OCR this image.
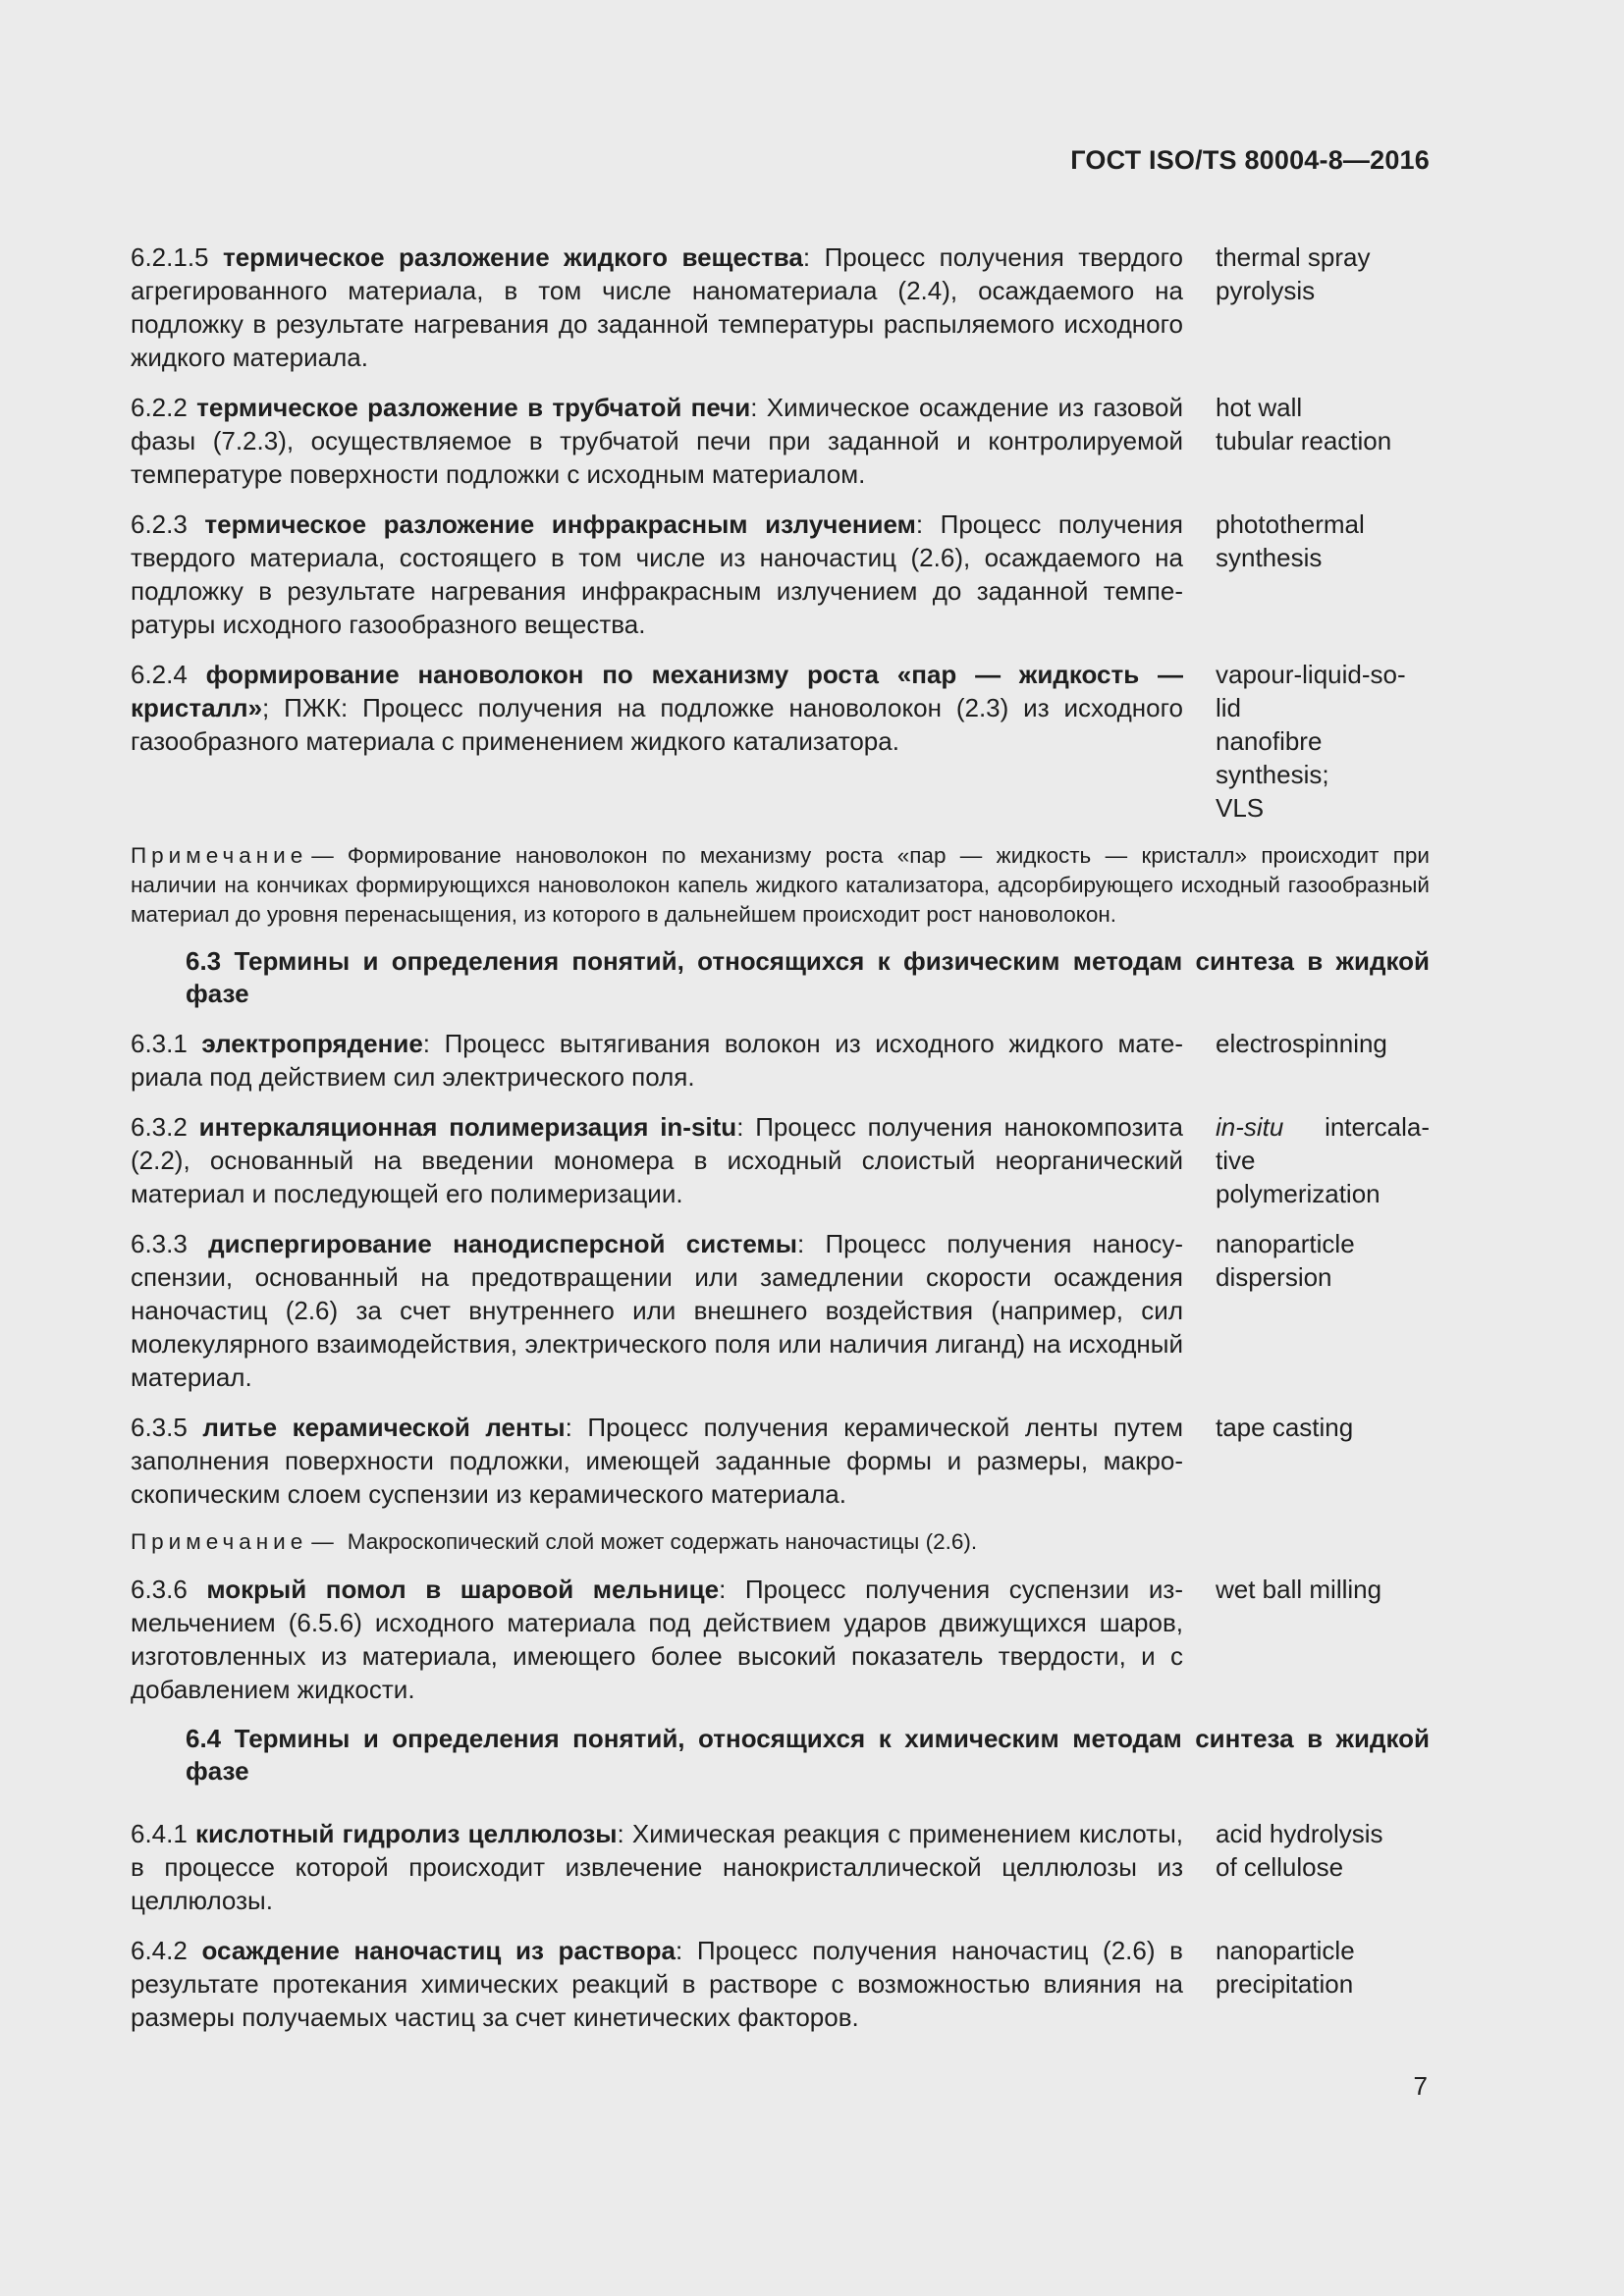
ГОСТ ISO/TS 80004-8—2016
6.2.1.5 термическое разложение жидкого вещества: Процесс получения твердого агрегированного материала, в том числе наноматериала (2.4), осаждаемого на подложку в результате нагревания до заданной температуры распыляемого исходного жидкого материала.
thermal spray
pyrolysis
6.2.2 термическое разложение в трубчатой печи: Химическое осаждение из газовой фазы (7.2.3), осуществляемое в трубчатой печи при заданной и контролируемой температуре поверхности подложки с исходным материалом.
hot wall
tubular reaction
6.2.3 термическое разложение инфракрасным излучением: Процесс получения твердого материала, состоящего в том числе из наночастиц (2.6), осаждаемого на подложку в результате нагревания инфракрасным излучением до заданной температуры исходного газообразного вещества.
photothermal
synthesis
6.2.4 формирование нановолокон по механизму роста «пар — жидкость — кристалл»; ПЖК: Процесс получения на подложке нановолокон (2.3) из исходного газообразного материала с применением жидкого катализатора.
vapour-liquid-so-
lid
nanofibre
synthesis;
VLS
Примечание — Формирование нановолокон по механизму роста «пар — жидкость — кристалл» происходит при наличии на кончиках формирующихся нановолокон капель жидкого катализатора, адсорбирующего исходный газообразный материал до уровня перенасыщения, из которого в дальнейшем происходит рост нановолокон.
6.3 Термины и определения понятий, относящихся к физическим методам синтеза в жидкой фазе
6.3.1 электропрядение: Процесс вытягивания волокон из исходного жидкого материала под действием сил электрического поля.
electrospinning
6.3.2 интеркаляционная полимеризация in-situ: Процесс получения нанокомпозита (2.2), основанный на введении мономера в исходный слоистый неорганический материал и последующей его полимеризации.
in-situ intercala-
tive
polymerization
6.3.3 диспергирование нанодисперсной системы: Процесс получения наносуспензии, основанный на предотвращении или замедлении скорости осаждения наночастиц (2.6) за счет внутреннего или внешнего воздействия (например, сил молекулярного взаимодействия, электрического поля или наличия лиганд) на исходный материал.
nanoparticle
dispersion
6.3.5 литье керамической ленты: Процесс получения керамической ленты путем заполнения поверхности подложки, имеющей заданные формы и размеры, макроскопическим слоем суспензии из керамического материала.
tape casting
Примечание — Макроскопический слой может содержать наночастицы (2.6).
6.3.6 мокрый помол в шаровой мельнице: Процесс получения суспензии измельчением (6.5.6) исходного материала под действием ударов движущихся шаров, изготовленных из материала, имеющего более высокий показатель твердости, и с добавлением жидкости.
wet ball milling
6.4 Термины и определения понятий, относящихся к химическим методам синтеза в жидкой фазе
6.4.1 кислотный гидролиз целлюлозы: Химическая реакция с применением кислоты, в процессе которой происходит извлечение нанокристаллической целлюлозы из целлюлозы.
acid hydrolysis
of cellulose
6.4.2 осаждение наночастиц из раствора: Процесс получения наночастиц (2.6) в результате протекания химических реакций в растворе с возможностью влияния на размеры получаемых частиц за счет кинетических факторов.
nanoparticle
precipitation
7
